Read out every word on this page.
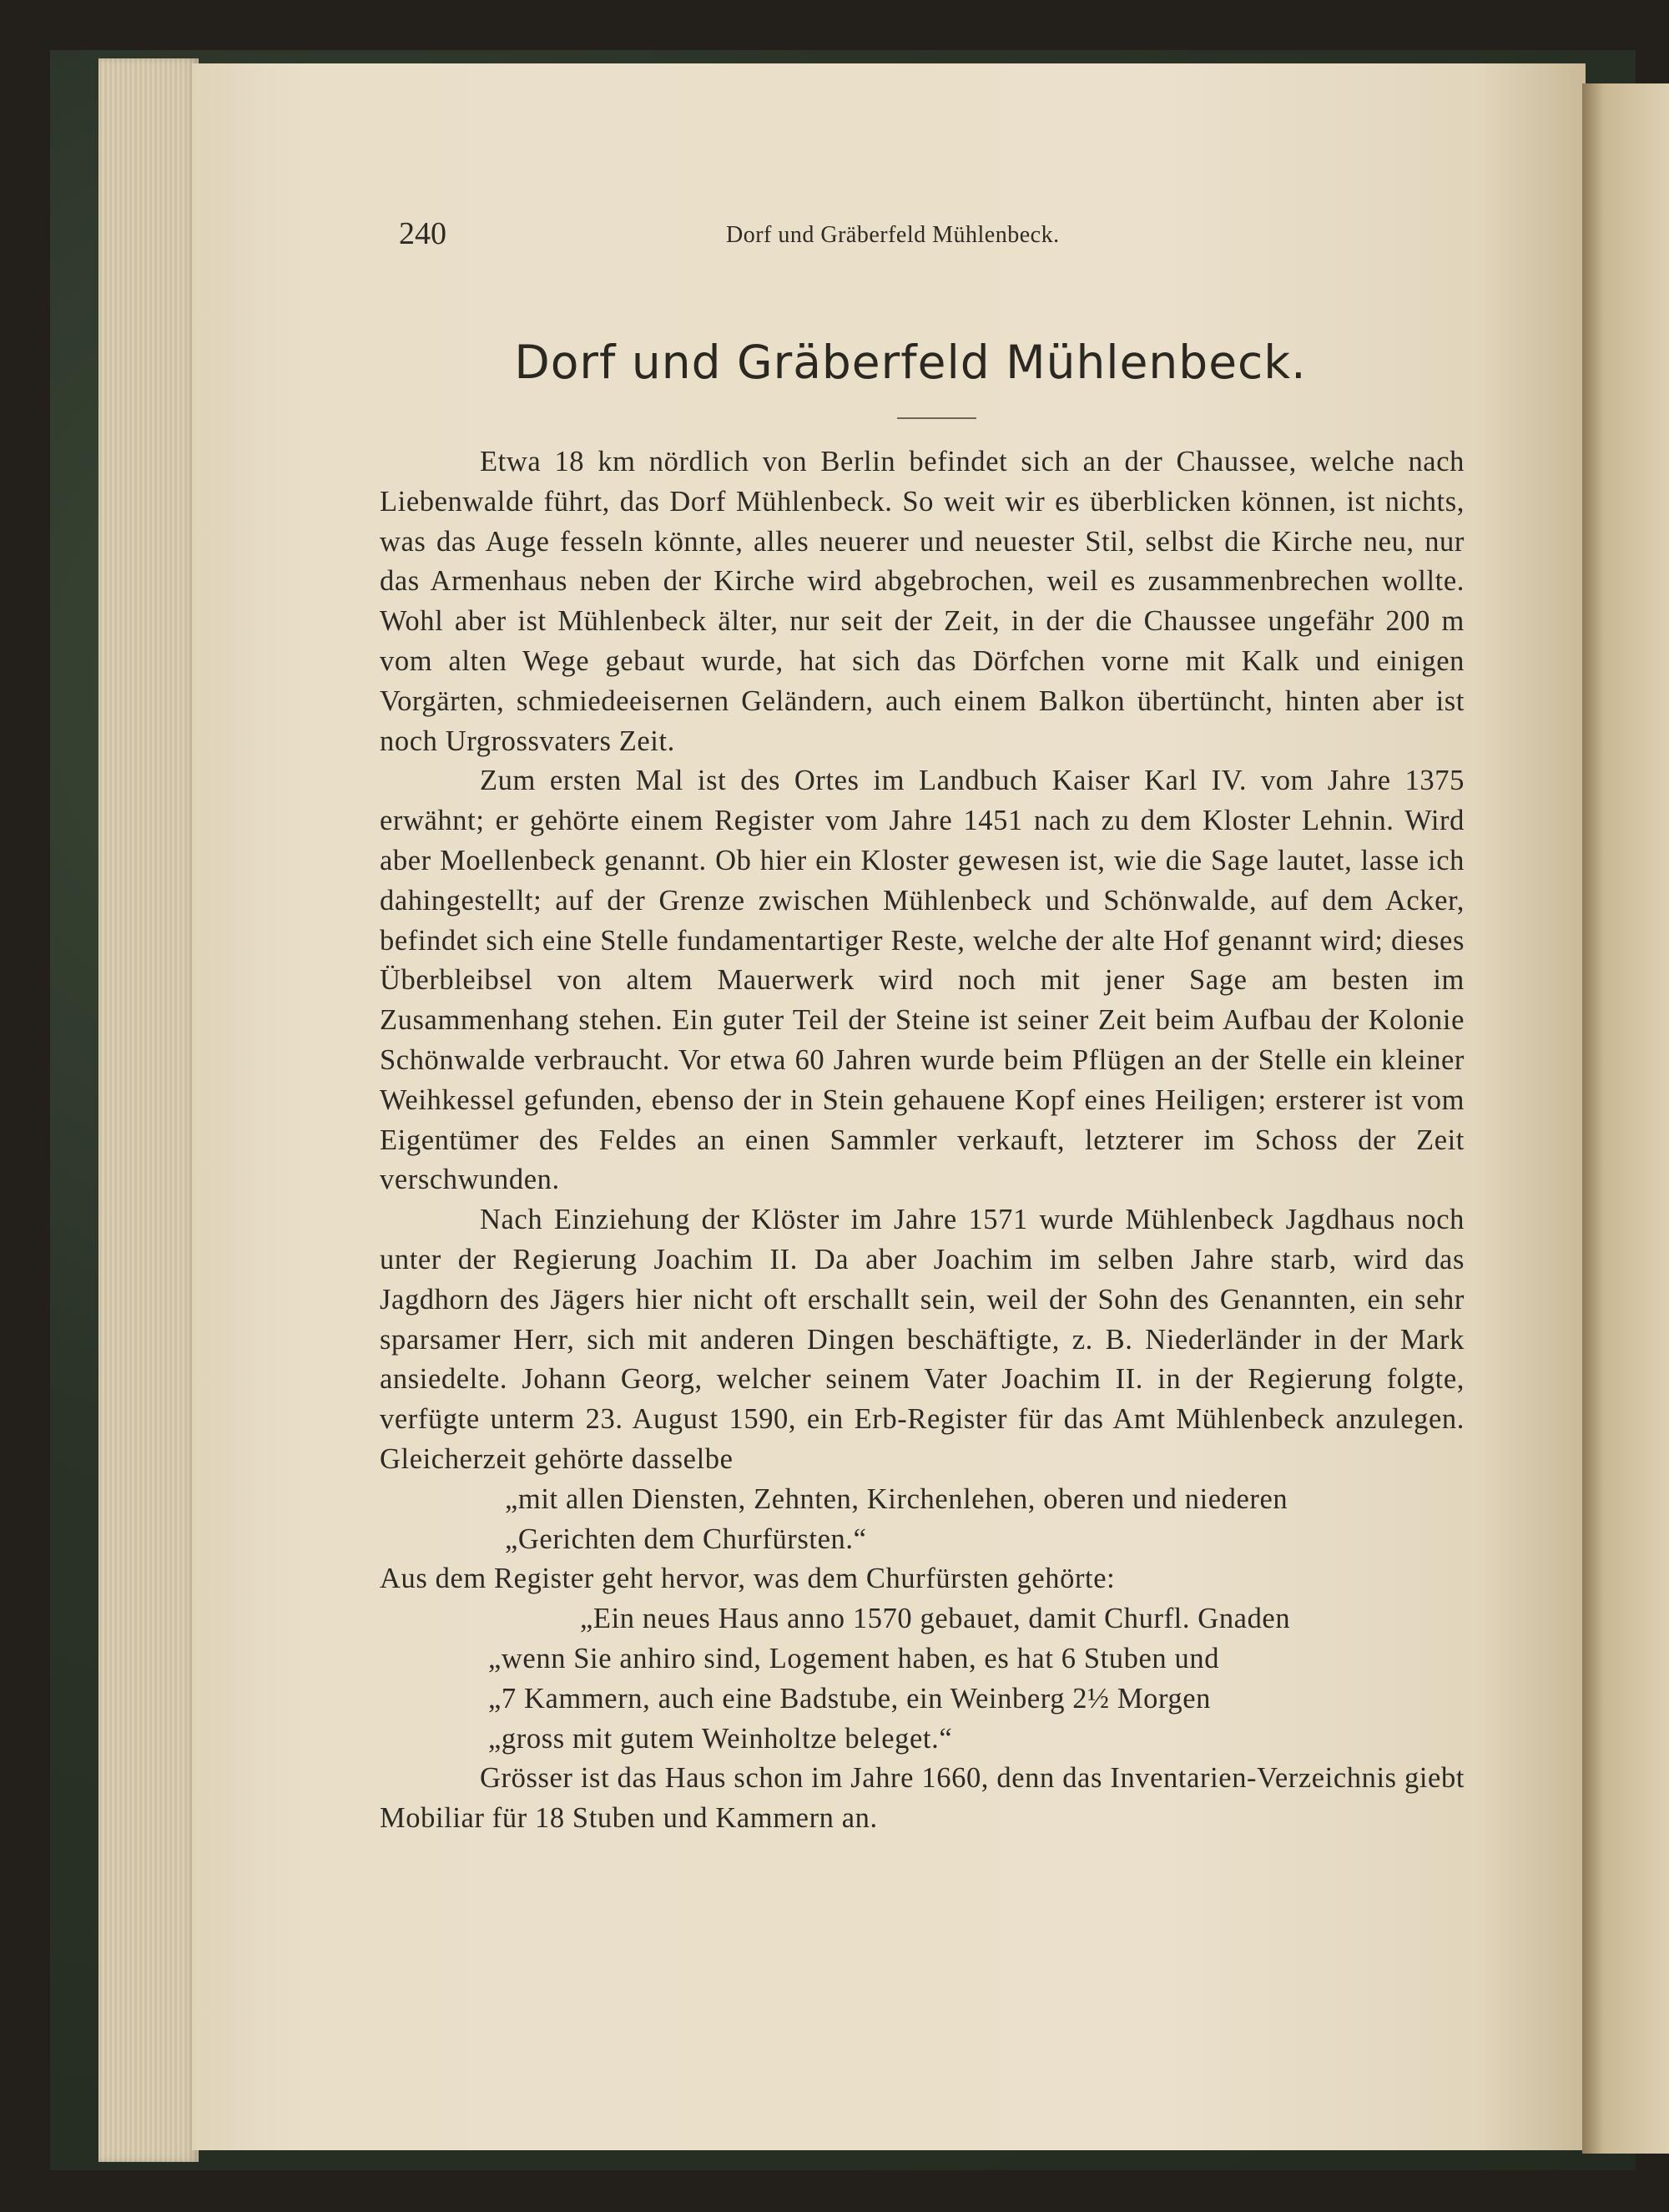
240	Dorf und Gräberfeld Mühlenbeck.
Dorf und Gräberfeld Mühlenbeck.

Etwa 18 km nördlich von Berlin befindet sich an der Chaussee, welche nach Liebenwalde führt, das Dorf Mühlenbeck. So weit wir es überblicken können, ist nichts, was das Auge fesseln könnte, alles neuerer und neuester Stil, selbst die Kirche neu, nur das Armenhaus neben der Kirche wird abgebrochen, weil es zusammenbrechen wollte. Wohl aber ist Mühlenbeck älter, nur seit der Zeit, in der die Chaussee ungefähr 200 m vom alten Wege gebaut wurde, hat sich das Dörfchen vorne mit Kalk und einigen Vorgärten, schmiedeeisernen Geländern, auch einem Balkon übertüncht, hinten aber ist noch Urgrossvaters Zeit.

Zum ersten Mal ist des Ortes im Landbuch Kaiser Karl IV. vom Jahre 1375 erwähnt; er gehörte einem Register vom Jahre 1451 nach zu dem Kloster Lehnin. Wird aber Moellenbeck genannt. Ob hier ein Kloster gewesen ist, wie die Sage lautet, lasse ich dahingestellt; auf der Grenze zwischen Mühlenbeck und Schönwalde, auf dem Acker, befindet sich eine Stelle fundamentartiger Reste, welche der alte Hof genannt wird; dieses Überbleibsel von altem Mauerwerk wird noch mit jener Sage am besten im Zusammenhang stehen. Ein guter Teil der Steine ist seiner Zeit beim Aufbau der Kolonie Schönwalde verbraucht. Vor etwa 60 Jahren wurde beim Pflügen an der Stelle ein kleiner Weihkessel gefunden, ebenso der in Stein gehauene Kopf eines Heiligen; ersterer ist vom Eigentümer des Feldes an einen Sammler verkauft, letzterer im Schoss der Zeit verschwunden.

Nach Einziehung der Klöster im Jahre 1571 wurde Mühlenbeck Jagdhaus noch unter der Regierung Joachim II. Da aber Joachim im selben Jahre starb, wird das Jagdhorn des Jägers hier nicht oft erschallt sein, weil der Sohn des Genannten, ein sehr sparsamer Herr, sich mit anderen Dingen beschäftigte, z. B. Niederländer in der Mark ansiedelte. Johann Georg, welcher seinem Vater Joachim II. in der Regierung folgte, verfügte unterm 23. August 1590, ein Erb-Register für das Amt Mühlenbeck anzulegen. Gleicherzeit gehörte dasselbe

„mit allen Diensten, Zehnten, Kirchenlehen, oberen und niederen

„Gerichten dem Churfürsten.“

Aus dem Register geht hervor, was dem Churfürsten gehörte:

„Ein neues Haus anno 1570 gebauet, damit Churfl. Gnaden

„wenn Sie anhiro sind, Logement haben, es hat 6 Stuben und

„7 Kammern, auch eine Badstube, ein Weinberg 2½ Morgen

„gross mit gutem Weinholtze beleget.“

Grösser ist das Haus schon im Jahre 1660, denn das Inventarien-Verzeichnis giebt Mobiliar für 18 Stuben und Kammern an.
